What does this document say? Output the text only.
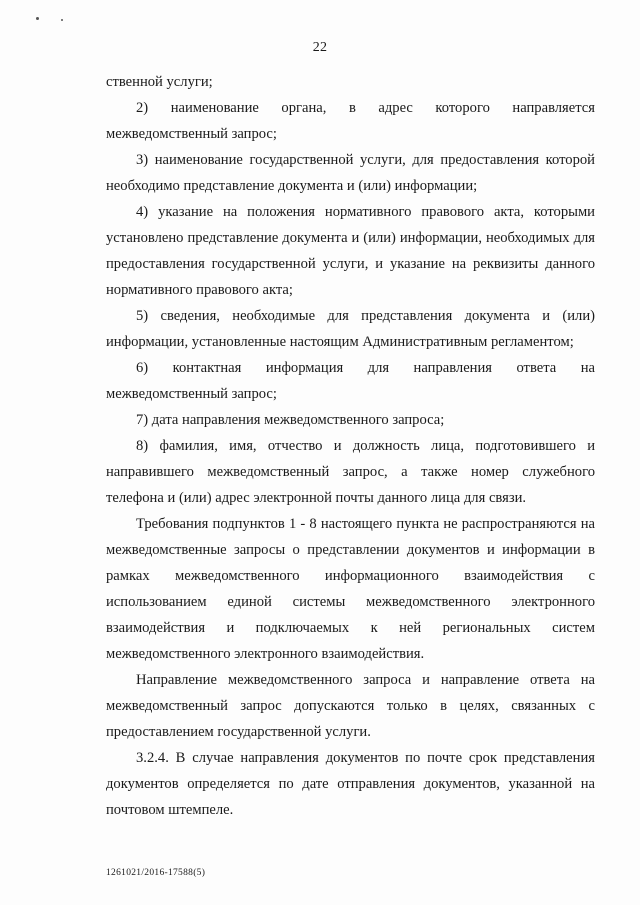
22

ственной услуги;

2) наименование органа, в адрес которого направляется межведомственный запрос;

3) наименование государственной услуги, для предоставления которой необходимо представление документа и (или) информации;

4) указание на положения нормативного правового акта, которыми установлено представление документа и (или) информации, необходимых для предоставления государственной услуги, и указание на реквизиты данного нормативного правового акта;

5) сведения, необходимые для представления документа и (или) информации, установленные настоящим Административным регламентом;

6) контактная информация для направления ответа на межведомственный запрос;

7) дата направления межведомственного запроса;

8) фамилия, имя, отчество и должность лица, подготовившего и направившего межведомственный запрос, а также номер служебного телефона и (или) адрес электронной почты данного лица для связи.

Требования подпунктов 1 - 8 настоящего пункта не распространяются на межведомственные запросы о представлении документов и информации в рамках межведомственного информационного взаимодействия с использованием единой системы межведомственного электронного взаимодействия и подключаемых к ней региональных систем межведомственного электронного взаимодействия.

Направление межведомственного запроса и направление ответа на межведомственный запрос допускаются только в целях, связанных с предоставлением государственной услуги.

3.2.4. В случае направления документов по почте срок представления документов определяется по дате отправления документов, указанной на почтовом штемпеле.

1261021/2016-17588(5)
